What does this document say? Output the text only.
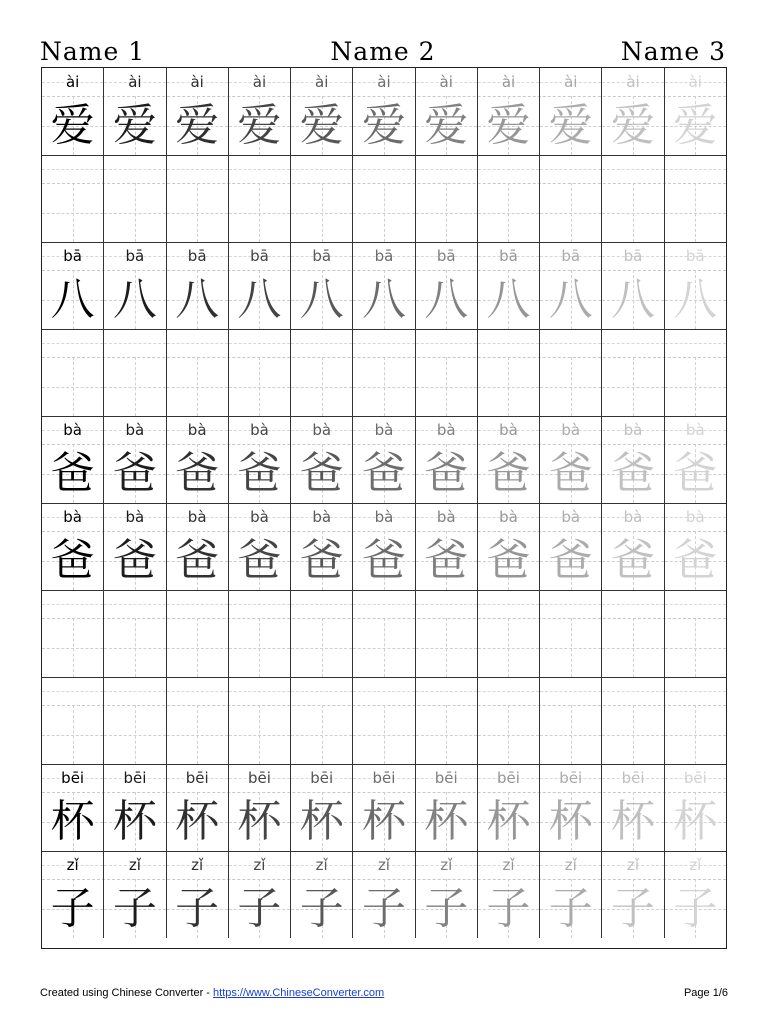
Name 1	Name 2	Name 3
ài	ài	ài	ài	ài	ài	ài	ài	ài	ài	ài
爱 爱 爱 爱 爱 爱 爱 爱 爱 爱 爱
bā	bā	bā	bā	bā	bā	bā	bā	bā	bā	bā
八 八 八 八 八 八 八 八 八 八 八
bà	bà	bà	bà	bà	bà	bà	bà	bà	bà	bà
爸 爸 爸 爸 爸 爸 爸 爸 爸 爸 爸
bà	bà	bà	bà	bà	bà	bà	bà	bà	bà	bà
爸 爸 爸 爸 爸 爸 爸 爸 爸 爸 爸
bēi	bēi	bēi	bēi	bēi	bēi	bēi	bēi	bēi	bēi	bēi
杯 杯 杯 杯 杯 杯 杯 杯 杯 杯 杯
zǐ	zǐ	zǐ	zǐ	zǐ	zǐ	zǐ	zǐ	zǐ	zǐ	zǐ
子 子 子 子 子 子 子 子 子 子 子
Created using Chinese Converter - https://www.ChineseConverter.com	Page 1/6
